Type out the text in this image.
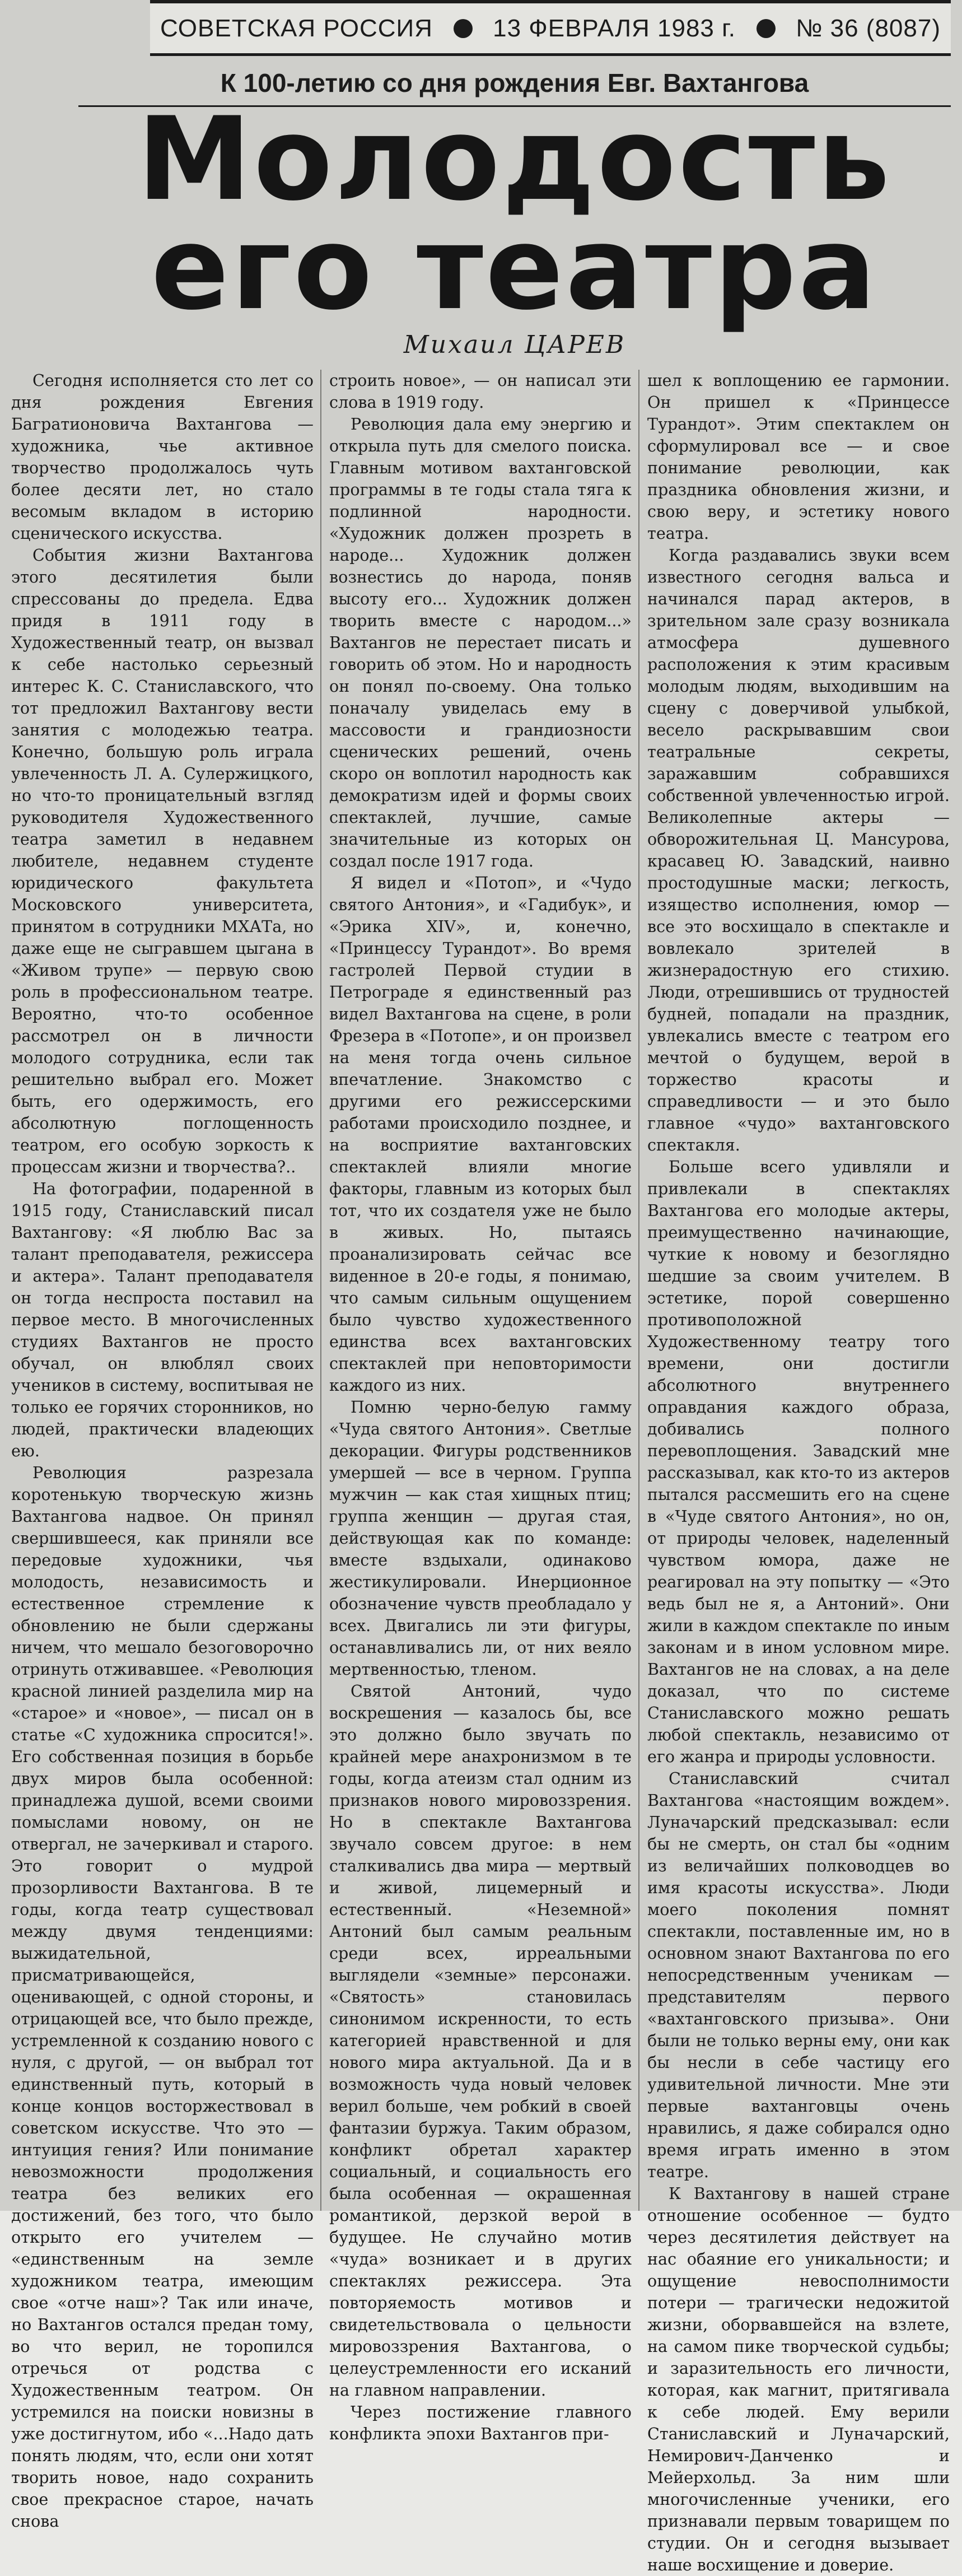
СОВЕТСКАЯ РОССИЯ 13 ФЕВРАЛЯ 1983 г. № 36 (8087)
К 100-летию со дня рождения Евг. Вахтангова
Молодость
его театра
Михаил ЦАРЕВ

Сегодня исполняется сто лет со дня рождения Евгения Багратионовича Вахтангова — художника, чье активное творчество продолжалось чуть более десяти лет, но стало весомым вкладом в историю сценического искусства.

События жизни Вахтангова этого десятилетия были спрессованы до предела. Едва придя в 1911 году в Художественный театр, он вызвал к себе настолько серьезный интерес К. С. Станиславского, что тот предложил Вахтангову вести занятия с молодежью театра. Конечно, большую роль играла увлеченность Л. А. Сулержицкого, но что-то проницательный взгляд руководителя Художественного театра заметил в недавнем любителе, недавнем студенте юридического факультета Московского университета, принятом в сотрудники МХАТа, но даже еще не сыгравшем цыгана в «Живом трупе» — первую свою роль в профессиональном театре. Вероятно, что-то особенное рассмотрел он в личности молодого сотрудника, если так решительно выбрал его. Может быть, его одержимость, его абсолютную поглощенность театром, его особую зоркость к процессам жизни и творчества?..

На фотографии, подаренной в 1915 году, Станиславский писал Вахтангову: «Я люблю Вас за талант преподавателя, режиссера и актера». Талант преподавателя он тогда неспроста поставил на первое место. В многочисленных студиях Вахтангов не просто обучал, он влюблял своих учеников в систему, воспитывая не только ее горячих сторонников, но людей, практически владеющих ею.

Революция разрезала коротенькую творческую жизнь Вахтангова надвое. Он принял свершившееся, как приняли все передовые художники, чья молодость, независимость и естественное стремление к обновлению не были сдержаны ничем, что мешало безоговорочно отринуть отживавшее. «Революция красной линией разделила мир на «старое» и «новое», — писал он в статье «С художника спросится!». Его собственная позиция в борьбе двух миров была особенной: принадлежа душой, всеми своими помыслами новому, он не отвергал, не зачеркивал и старого. Это говорит о мудрой прозорливости Вахтангова. В те годы, когда театр существовал между двумя тенденциями: выжидательной, присматривающейся, оценивающей, с одной стороны, и отрицающей все, что было прежде, устремленной к созданию нового с нуля, с другой, — он выбрал тот единственный путь, который в конце концов восторжествовал в советском искусстве. Что это — интуиция гения? Или понимание невозможности продолжения театра без великих его достижений, без того, что было открыто его учителем — «единственным на земле художником театра, имеющим свое «отче наш»? Так или иначе, но Вахтангов остался предан тому, во что верил, не торопился отречься от родства с Художественным театром. Он устремился на поиски новизны в уже достигнутом, ибо «...Надо дать понять людям, что, если они хотят творить новое, надо сохранить свое прекрасное старое, начать снова

строить новое», — он написал эти слова в 1919 году.

Революция дала ему энергию и открыла путь для смелого поиска. Главным мотивом вахтанговской программы в те годы стала тяга к подлинной народности. «Художник должен прозреть в народе... Художник должен вознестись до народа, поняв высоту его... Художник должен творить вместе с народом...» Вахтангов не перестает писать и говорить об этом. Но и народность он понял по-своему. Она только поначалу увиделась ему в массовости и грандиозности сценических решений, очень скоро он воплотил народность как демократизм идей и формы своих спектаклей, лучшие, самые значительные из которых он создал после 1917 года.

Я видел и «Потоп», и «Чудо святого Антония», и «Гадибук», и «Эрика XIV», и, конечно, «Принцессу Турандот». Во время гастролей Первой студии в Петрограде я единственный раз видел Вахтангова на сцене, в роли Фрезера в «Потопе», и он произвел на меня тогда очень сильное впечатление. Знакомство с другими его режиссерскими работами происходило позднее, и на восприятие вахтанговских спектаклей влияли многие факторы, главным из которых был тот, что их создателя уже не было в живых. Но, пытаясь проанализировать сейчас все виденное в 20-е годы, я понимаю, что самым сильным ощущением было чувство художественного единства всех вахтанговских спектаклей при неповторимости каждого из них.

Помню черно-белую гамму «Чуда святого Антония». Светлые декорации. Фигуры родственников умершей — все в черном. Группа мужчин — как стая хищных птиц; группа женщин — другая стая, действующая как по команде: вместе вздыхали, одинаково жестикулировали. Инерционное обозначение чувств преобладало у всех. Двигались ли эти фигуры, останавливались ли, от них веяло мертвенностью, тленом.

Святой Антоний, чудо воскрешения — казалось бы, все это должно было звучать по крайней мере анахронизмом в те годы, когда атеизм стал одним из признаков нового мировоззрения. Но в спектакле Вахтангова звучало совсем другое: в нем сталкивались два мира — мертвый и живой, лицемерный и естественный. «Неземной» Антоний был самым реальным среди всех, ирреальными выглядели «земные» персонажи. «Святость» становилась синонимом искренности, то есть категорией нравственной и для нового мира актуальной. Да и в возможность чуда новый человек верил больше, чем робкий в своей фантазии буржуа. Таким образом, конфликт обретал характер социальный, и социальность его была особенная — окрашенная романтикой, дерзкой верой в будущее. Не случайно мотив «чуда» возникает и в других спектаклях режиссера. Эта повторяемость мотивов и свидетельствовала о цельности мировоззрения Вахтангова, о целеустремленности его исканий на главном направлении.

Через постижение главного конфликта эпохи Вахтангов при-

шел к воплощению ее гармонии. Он пришел к «Принцессе Турандот». Этим спектаклем он сформулировал все — и свое понимание революции, как праздника обновления жизни, и свою веру, и эстетику нового театра.

Когда раздавались звуки всем известного сегодня вальса и начинался парад актеров, в зрительном зале сразу возникала атмосфера душевного расположения к этим красивым молодым людям, выходившим на сцену с доверчивой улыбкой, весело раскрывавшим свои театральные секреты, заражавшим собравшихся собственной увлеченностью игрой. Великолепные актеры — обворожительная Ц. Мансурова, красавец Ю. Завадский, наивно простодушные маски; легкость, изящество исполнения, юмор — все это восхищало в спектакле и вовлекало зрителей в жизнерадостную его стихию. Люди, отрешившись от трудностей будней, попадали на праздник, увлекались вместе с театром его мечтой о будущем, верой в торжество красоты и справедливости — и это было главное «чудо» вахтанговского спектакля.

Больше всего удивляли и привлекали в спектаклях Вахтангова его молодые актеры, преимущественно начинающие, чуткие к новому и безоглядно шедшие за своим учителем. В эстетике, порой совершенно противоположной Художественному театру того времени, они достигли абсолютного внутреннего оправдания каждого образа, добивались полного перевоплощения. Завадский мне рассказывал, как кто-то из актеров пытался рассмешить его на сцене в «Чуде святого Антония», но он, от природы человек, наделенный чувством юмора, даже не реагировал на эту попытку — «Это ведь был не я, а Антоний». Они жили в каждом спектакле по иным законам и в ином условном мире. Вахтангов не на словах, а на деле доказал, что по системе Станиславского можно решать любой спектакль, независимо от его жанра и природы условности.

Станиславский считал Вахтангова «настоящим вождем». Луначарский предсказывал: если бы не смерть, он стал бы «одним из величайших полководцев во имя красоты искусства». Люди моего поколения помнят спектакли, поставленные им, но в основном знают Вахтангова по его непосредственным ученикам — представителям первого «вахтанговского призыва». Они были не только верны ему, они как бы несли в себе частицу его удивительной личности. Мне эти первые вахтанговцы очень нравились, я даже собирался одно время играть именно в этом театре.

К Вахтангову в нашей стране отношение особенное — будто через десятилетия действует на нас обаяние его уникальности; и ощущение невосполнимости потери — трагически недожитой жизни, оборвавшейся на взлете, на самом пике творческой судьбы; и заразительность его личности, которая, как магнит, притягивала к себе людей. Ему верили Станиславский и Луначарский, Немирович-Данченко и Мейерхольд. За ним шли многочисленные ученики, его признавали первым товарищем по студии. Он и сегодня вызывает наше восхищение и доверие.
